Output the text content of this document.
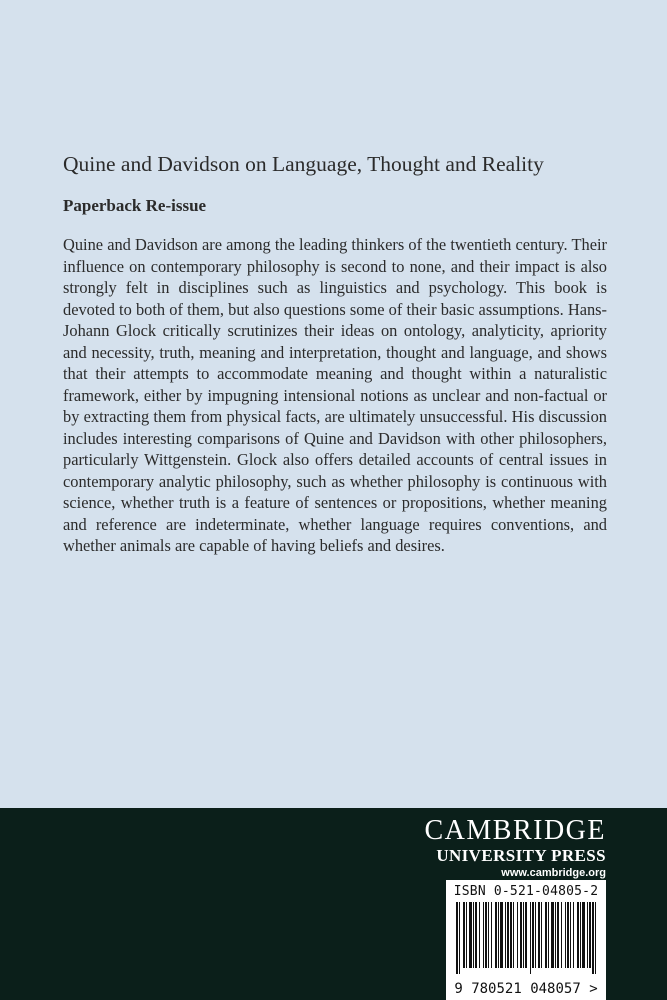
Quine and Davidson on Language, Thought and Reality
Paperback Re-issue

Quine and Davidson are among the leading thinkers of the twentieth century. Their influence on contemporary philosophy is second to none, and their impact is also strongly felt in disciplines such as linguistics and psychology. This book is devoted to both of them, but also questions some of their basic assumptions. Hans-Johann Glock critically scrutinizes their ideas on ontology, analyticity, apriority and necessity, truth, meaning and interpretation, thought and language, and shows that their attempts to accommodate meaning and thought within a naturalistic framework, either by impugning intensional notions as unclear and non-factual or by extracting them from physical facts, are ultimately unsuccessful. His discussion includes interesting comparisons of Quine and Davidson with other philosophers, particularly Wittgenstein. Glock also offers detailed accounts of central issues in contemporary analytic philosophy, such as whether philosophy is continuous with science, whether truth is a feature of sentences or propositions, whether meaning and reference are indeterminate, whether language requires conventions, and whether animals are capable of having beliefs and desires.

CAMBRIDGE
UNIVERSITY PRESS
www.cambridge.org
ISBN 0-521-04805-2
9 780521 048057 >
